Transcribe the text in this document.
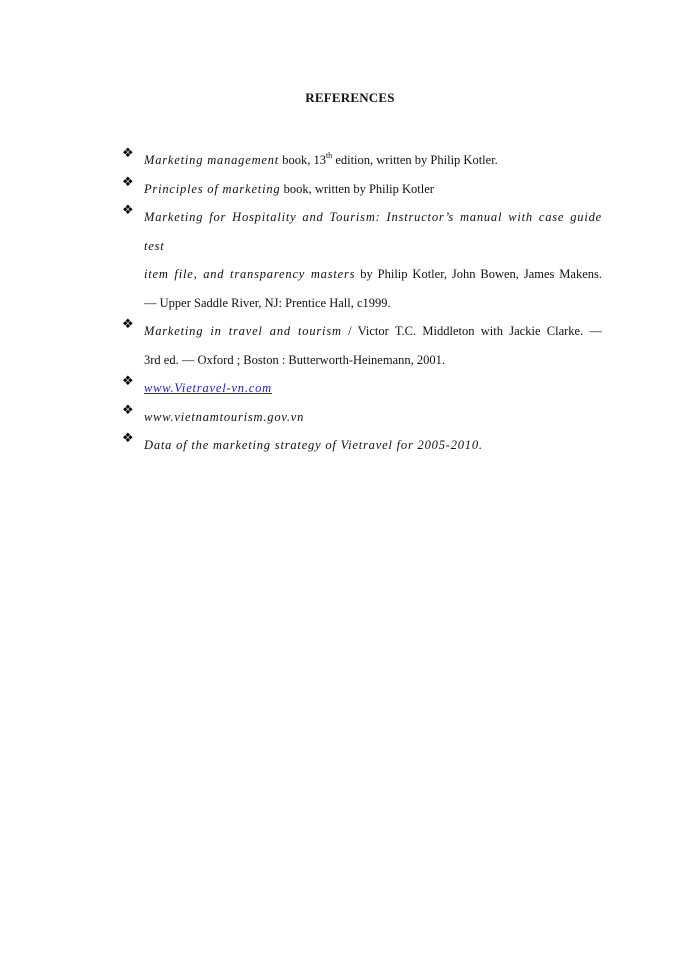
REFERENCES
❖ Marketing management book, 13th edition, written by Philip Kotler.
❖ Principles of marketing book, written by Philip Kotler
❖ Marketing for Hospitality and Tourism: Instructor’s manual with case guide test
item file, and transparency masters by Philip Kotler, John Bowen, James Makens.
— Upper Saddle River, NJ: Prentice Hall, c1999.
❖ Marketing in travel and tourism / Victor T.C. Middleton with Jackie Clarke. —
3rd ed. — Oxford ; Boston : Butterworth-Heinemann, 2001.
❖ www.Vietravel-vn.com
❖ www.vietnamtourism.gov.vn
❖ Data of the marketing strategy of Vietravel for 2005-2010.
